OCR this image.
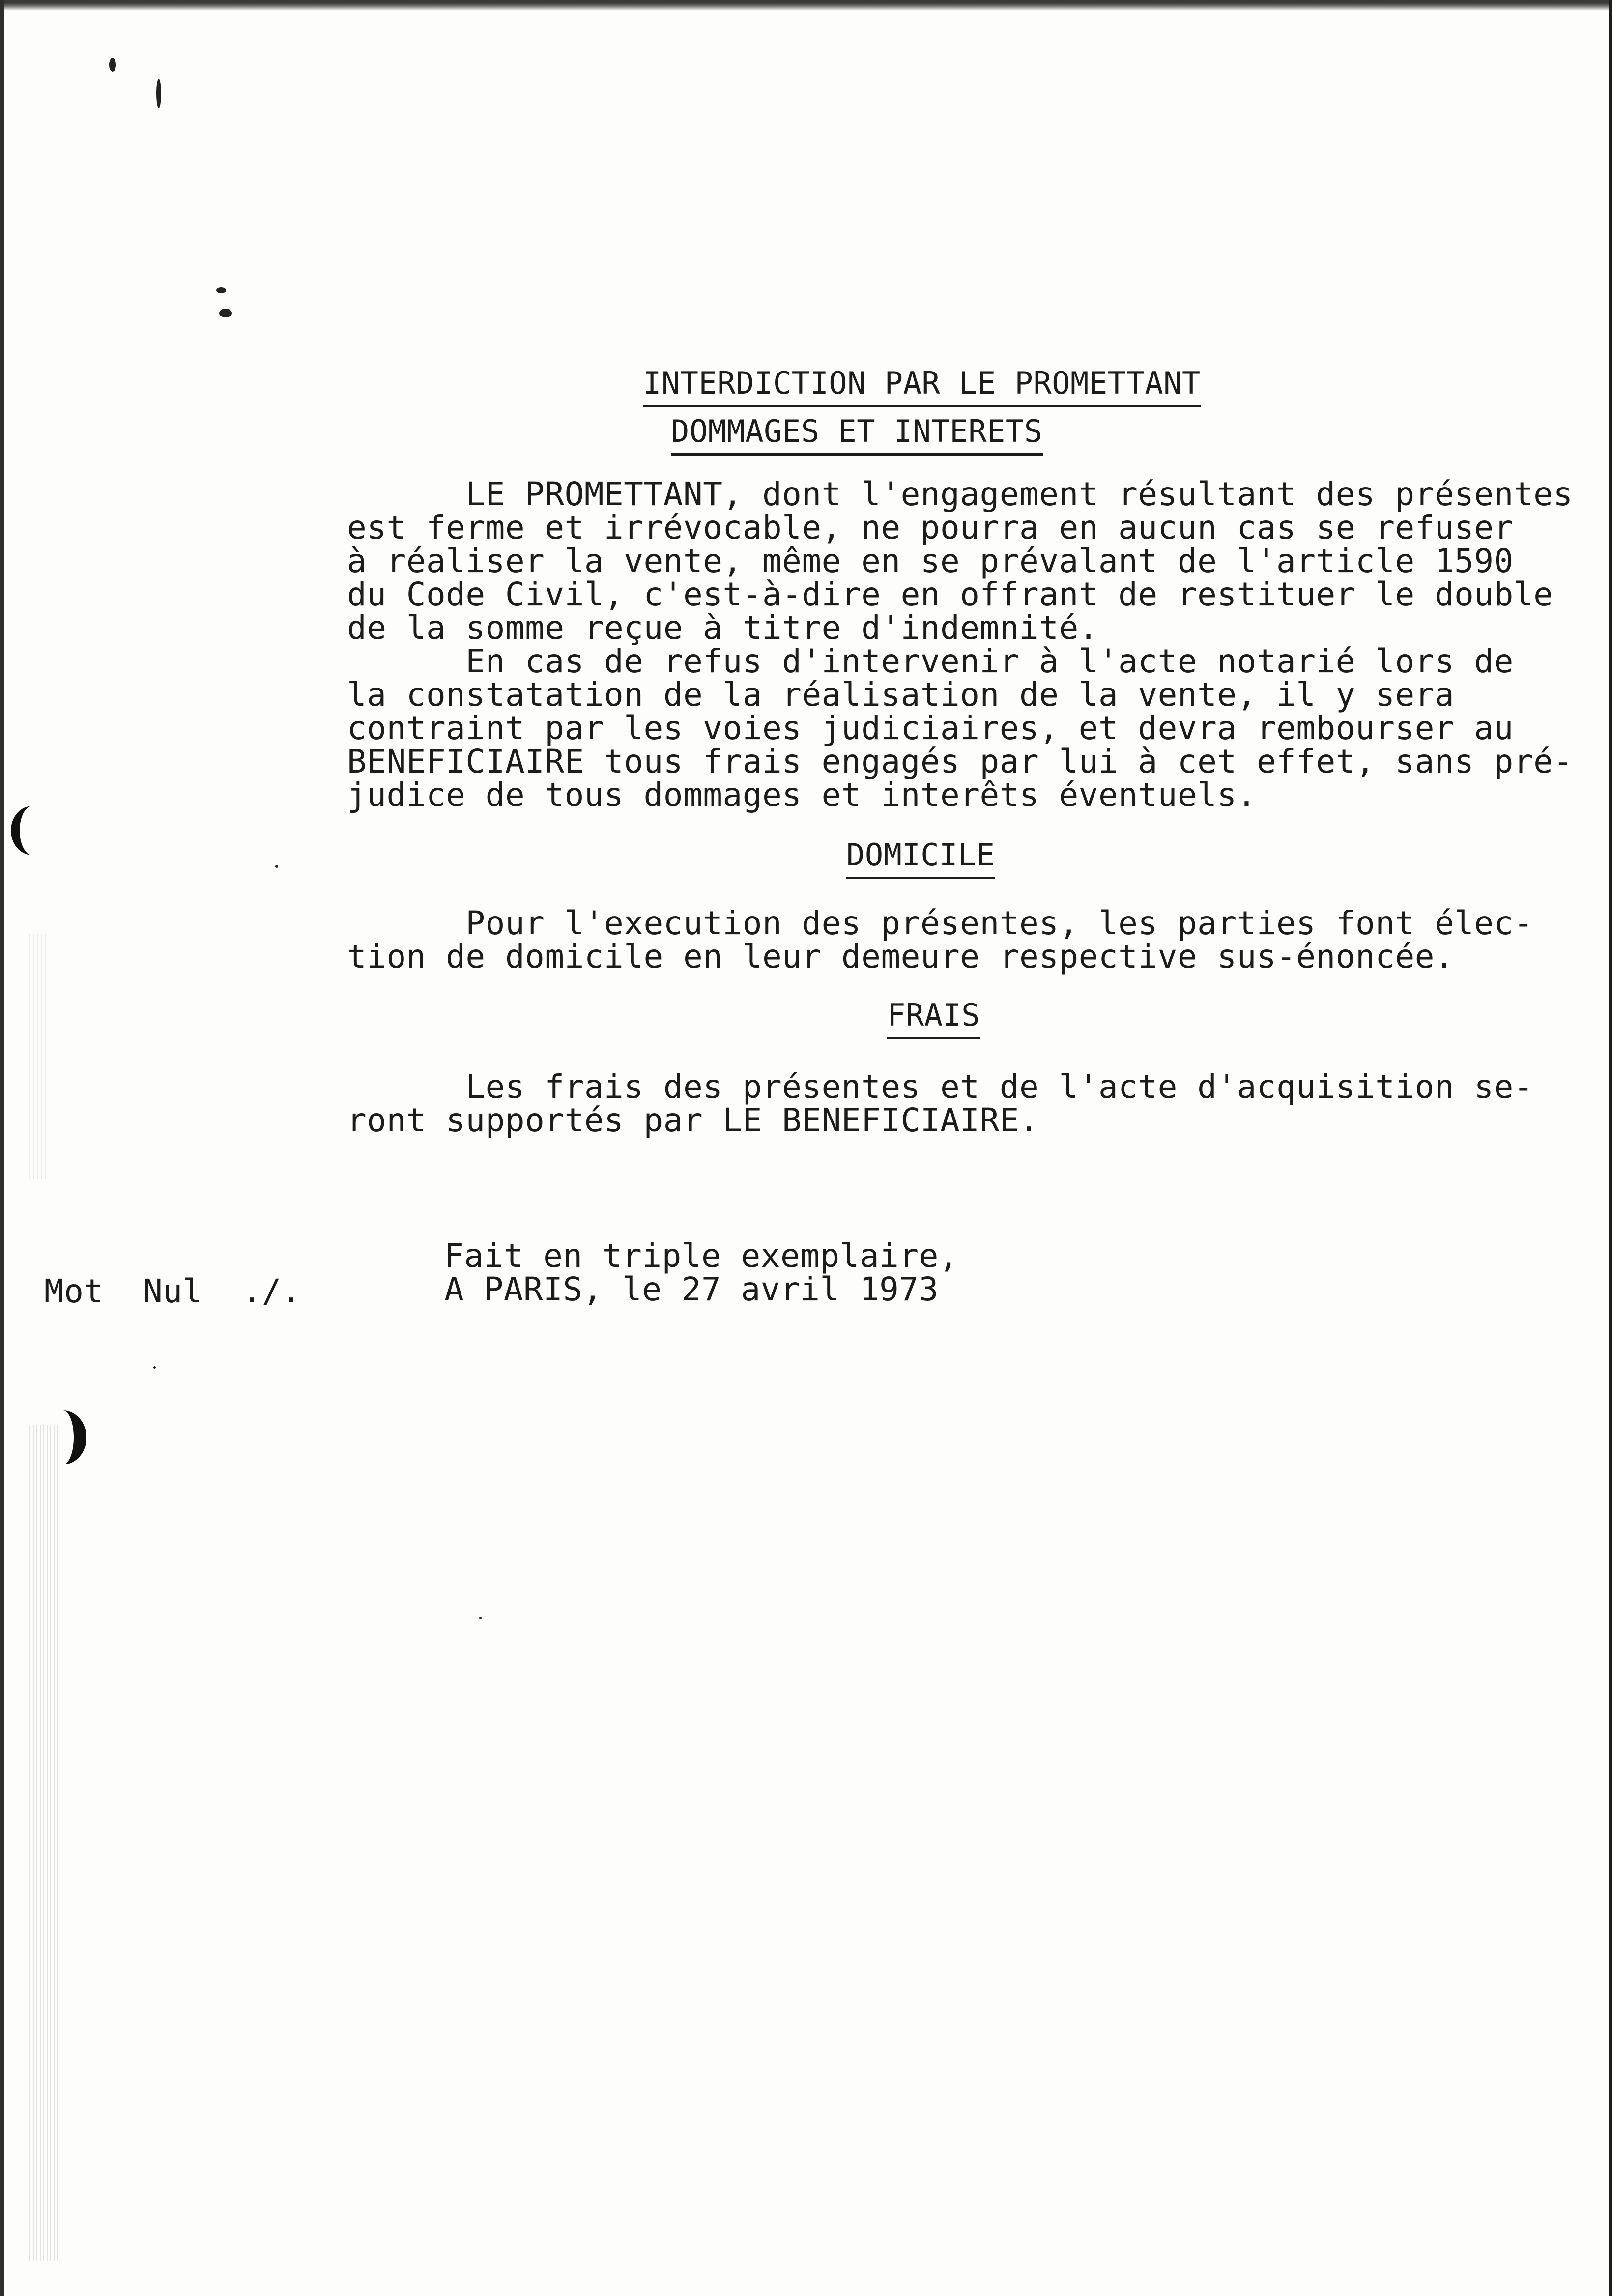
INTERDICTION PAR LE PROMETTANT
DOMMAGES ET INTERETS
LE PROMETTANT, dont l'engagement résultant des présentes
est ferme et irrévocable, ne pourra en aucun cas se refuser
à réaliser la vente, même en se prévalant de l'article 1590
du Code Civil, c'est-à-dire en offrant de restituer le double
de la somme reçue à titre d'indemnité.
En cas de refus d'intervenir à l'acte notarié lors de
la constatation de la réalisation de la vente, il y sera
contraint par les voies judiciaires, et devra rembourser au
BENEFICIAIRE tous frais engagés par lui à cet effet, sans pré-
judice de tous dommages et interêts éventuels.
DOMICILE
Pour l'execution des présentes, les parties font élec-
tion de domicile en leur demeure respective sus-énoncée.
FRAIS
Les frais des présentes et de l'acte d'acquisition se-
ront supportés par LE BENEFICIAIRE.
Fait en triple exemplaire,
A PARIS, le 27 avril 1973
Mot  Nul  ./.
